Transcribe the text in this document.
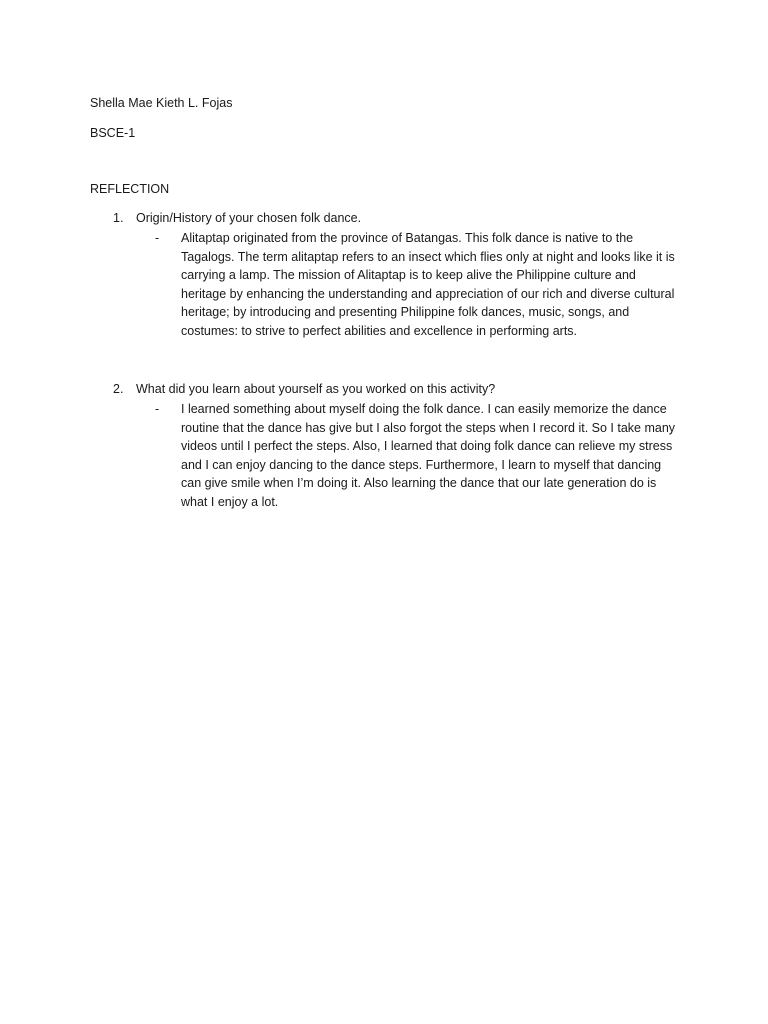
Shella Mae Kieth L. Fojas
BSCE-1
REFLECTION
1. Origin/History of your chosen folk dance.
- Alitaptap originated from the province of Batangas. This folk dance is native to the Tagalogs. The term alitaptap refers to an insect which flies only at night and looks like it is carrying a lamp. The mission of Alitaptap is to keep alive the Philippine culture and heritage by enhancing the understanding and appreciation of our rich and diverse cultural heritage; by introducing and presenting Philippine folk dances, music, songs, and costumes: to strive to perfect abilities and excellence in performing arts.
2. What did you learn about yourself as you worked on this activity?
- I learned something about myself doing the folk dance. I can easily memorize the dance routine that the dance has give but I also forgot the steps when I record it. So I take many videos until I perfect the steps. Also, I learned that doing folk dance can relieve my stress and I can enjoy dancing to the dance steps. Furthermore, I learn to myself that dancing can give smile when I’m doing it. Also learning the dance that our late generation do is what I enjoy a lot.
